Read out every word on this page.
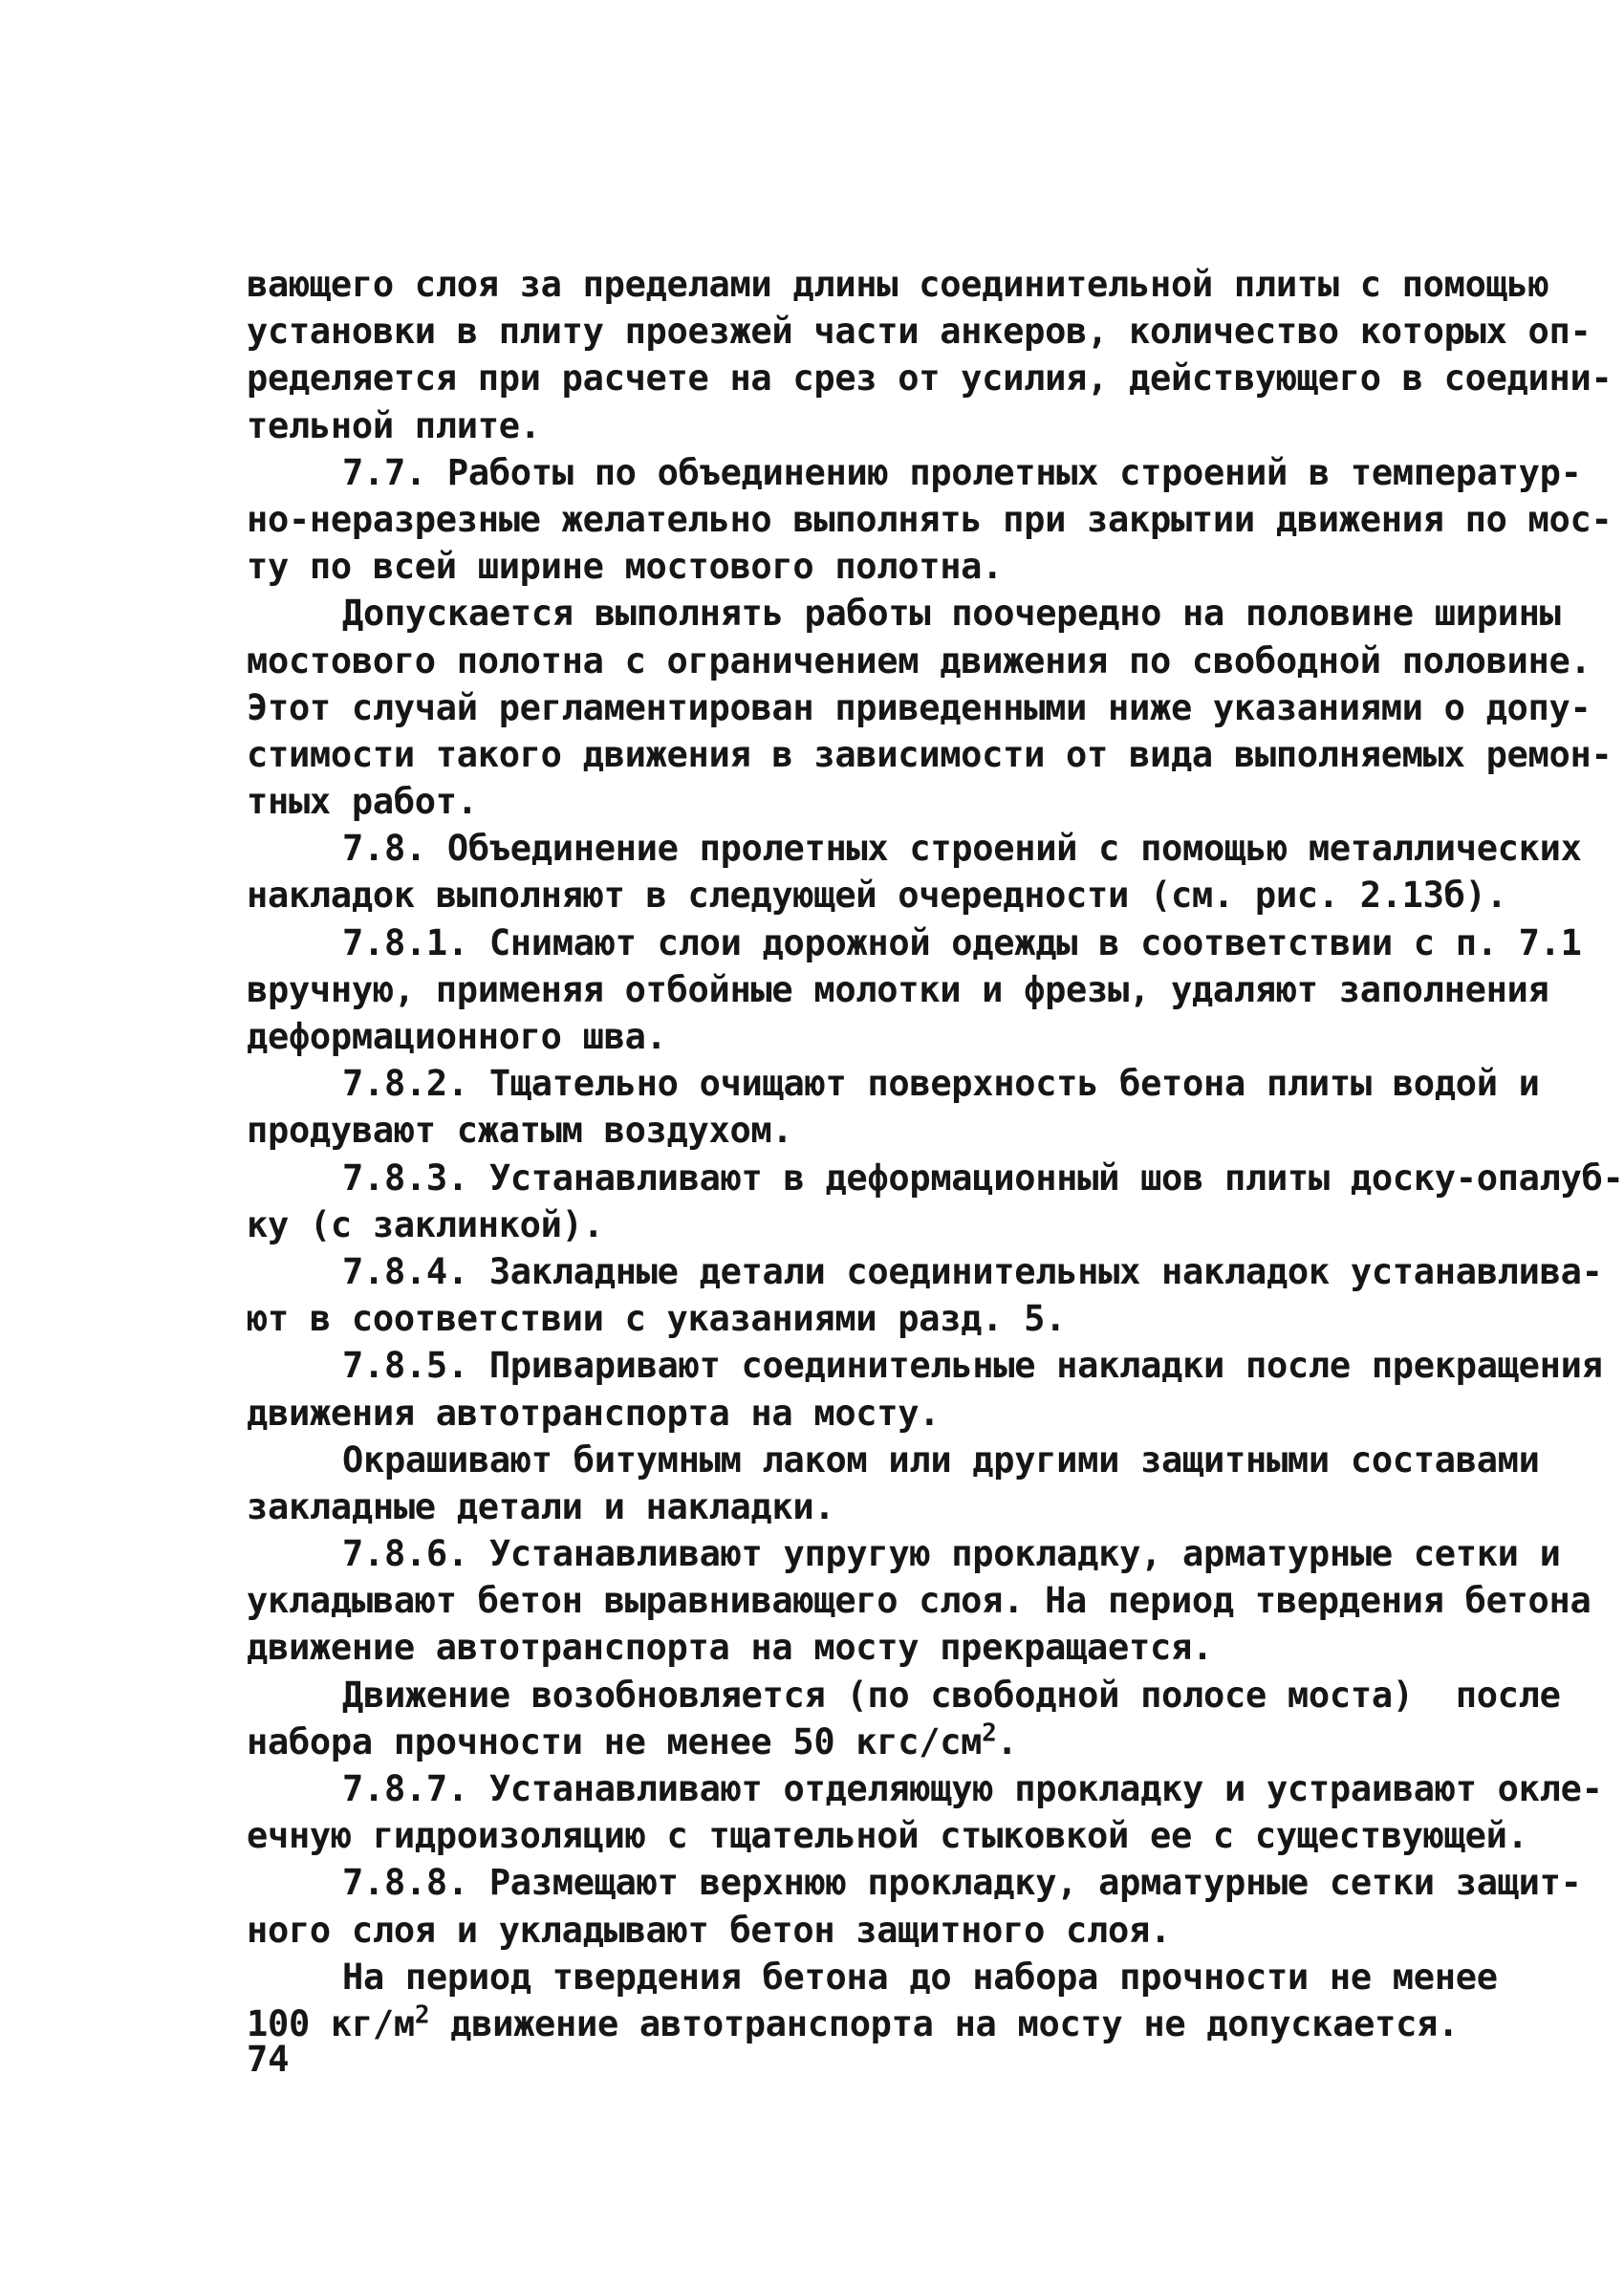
вающего слоя за пределами длины соединительной плиты с помощью
установки в плиту проезжей части анкеров, количество которых оп-
ределяется при расчете на срез от усилия, действующего в соедини-
тельной плите.
7.7. Работы по объединению пролетных строений в температур-
но-неразрезные желательно выполнять при закрытии движения по мос-
ту по всей ширине мостового полотна.
Допускается выполнять работы поочередно на половине ширины
мостового полотна с ограничением движения по свободной половине.
Этот случай регламентирован приведенными ниже указаниями о допу-
стимости такого движения в зависимости от вида выполняемых ремон-
тных работ.
7.8. Объединение пролетных строений с помощью металлических
накладок выполняют в следующей очередности (см. рис. 2.13б).
7.8.1. Снимают слои дорожной одежды в соответствии с п. 7.1
вручную, применяя отбойные молотки и фрезы, удаляют заполнения
деформационного шва.
7.8.2. Тщательно очищают поверхность бетона плиты водой и
продувают сжатым воздухом.
7.8.3. Устанавливают в деформационный шов плиты доску-опалуб-
ку (с заклинкой).
7.8.4. Закладные детали соединительных накладок устанавлива-
ют в соответствии с указаниями разд. 5.
7.8.5. Приваривают соединительные накладки после прекращения
движения автотранспорта на мосту.
Окрашивают битумным лаком или другими защитными составами
закладные детали и накладки.
7.8.6. Устанавливают упругую прокладку, арматурные сетки и
укладывают бетон выравнивающего слоя. На период твердения бетона
движение автотранспорта на мосту прекращается.
Движение возобновляется (по свободной полосе моста)  после
набора прочности не менее 50 кгс/$см^2$.
7.8.7. Устанавливают отделяющую прокладку и устраивают окле-
ечную гидроизоляцию с тщательной стыковкой ее с существующей.
7.8.8. Размещают верхнюю прокладку, арматурные сетки защит-
ного слоя и укладывают бетон защитного слоя.
На период твердения бетона до набора прочности не менее
100 $кг/м^2$ движение автотранспорта на мосту не допускается.
74
